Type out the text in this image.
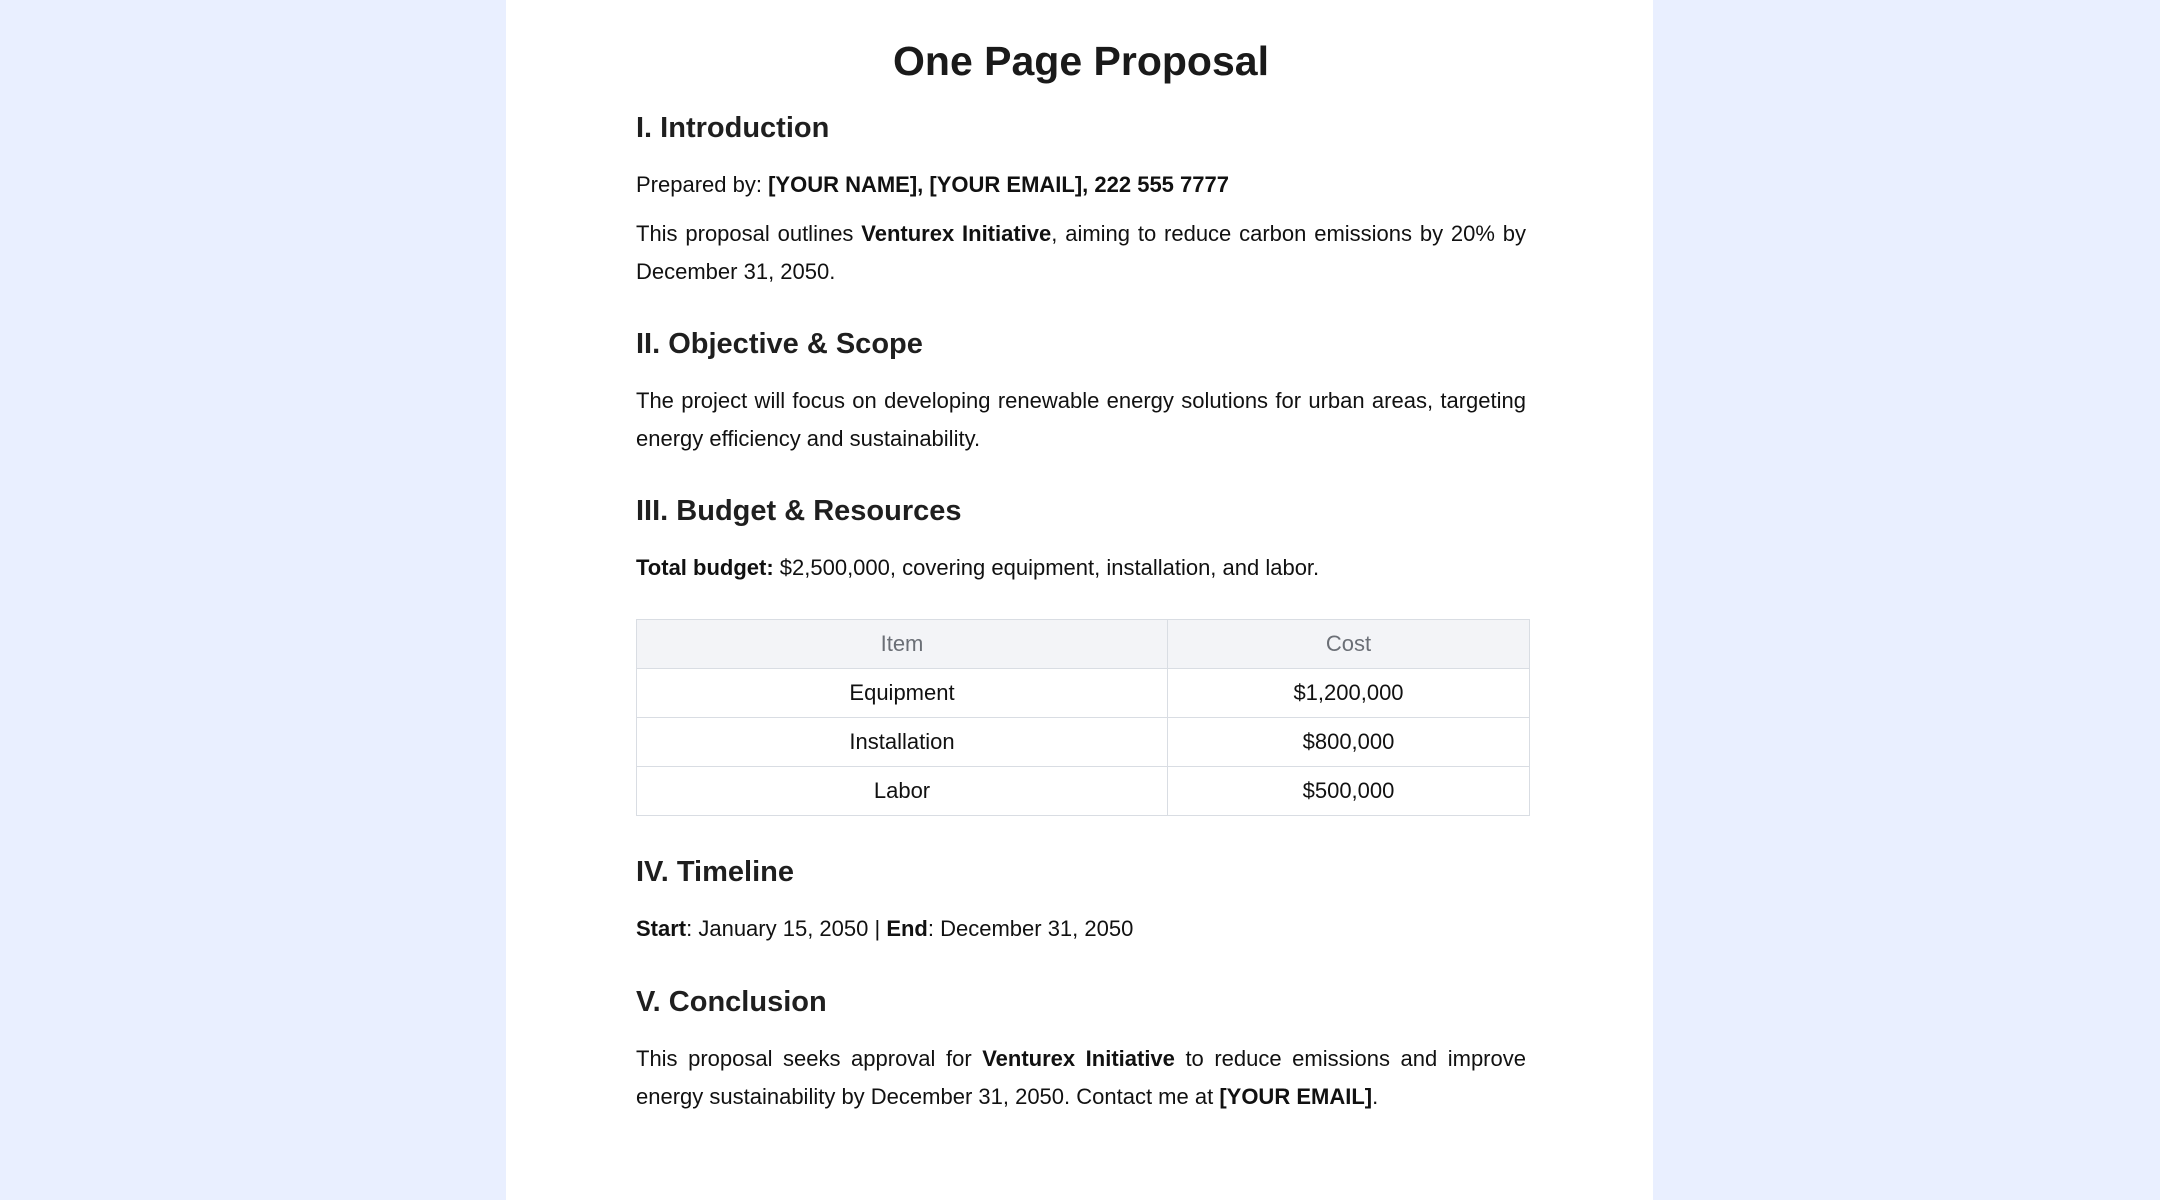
One Page Proposal
I. Introduction

Prepared by: [YOUR NAME], [YOUR EMAIL], 222 555 7777

This proposal outlines Venturex Initiative, aiming to reduce carbon emissions by 20% by December 31, 2050.

II. Objective & Scope

The project will focus on developing renewable energy solutions for urban areas, targeting energy efficiency and sustainability.

III. Budget & Resources

Total budget: $2,500,000, covering equipment, installation, and labor.

Item	Cost
Equipment	$1,200,000
Installation	$800,000
Labor	$500,000
IV. Timeline

Start: January 15, 2050 | End: December 31, 2050

V. Conclusion

This proposal seeks approval for Venturex Initiative to reduce emissions and improve energy sustainability by December 31, 2050. Contact me at [YOUR EMAIL].
